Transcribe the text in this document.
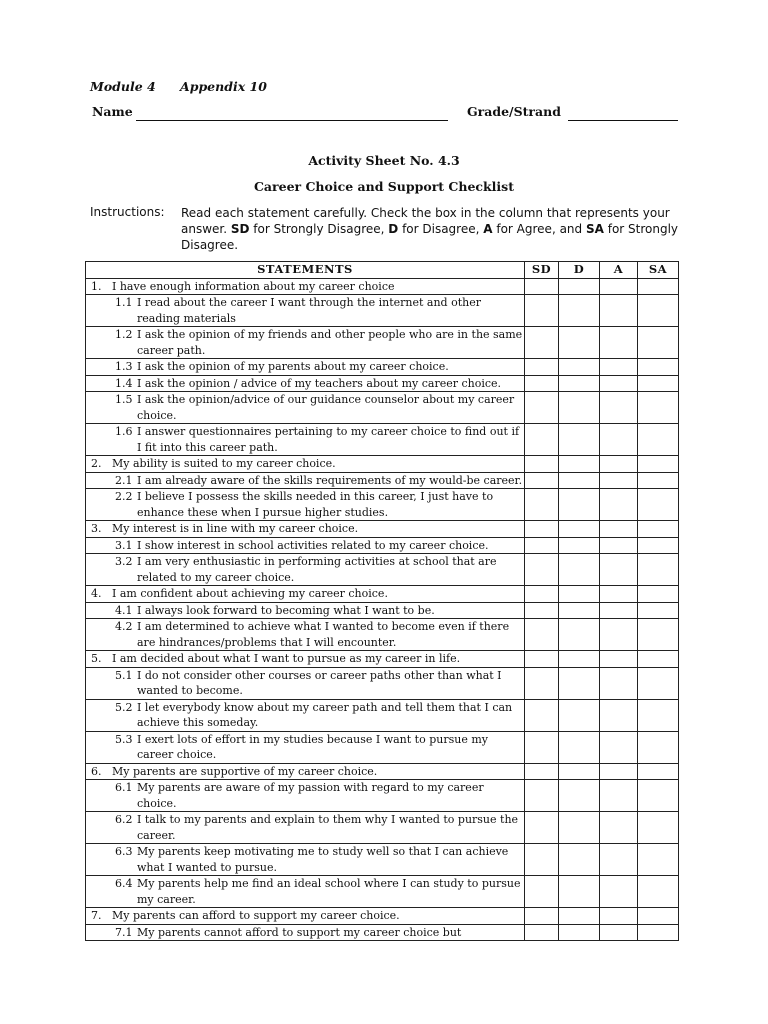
Module 4 Appendix 10
Name	Grade/Strand
Activity Sheet No. 4.3
Career Choice and Support Checklist
Instructions: Read each statement carefully. Check the box in the column that represents your answer. SD for Strongly Disagree, D for Disagree, A for Agree, and SA for Strongly Disagree.
STATEMENTS	SD	D	A	SA

1. I have enough information about my career choice				

1.1 I read about the career I want through the internet and other reading materials				

1.2 I ask the opinion of my friends and other people who are in the same career path.				

1.3 I ask the opinion of my parents about my career choice.				

1.4 I ask the opinion / advice of my teachers about my career choice.				

1.5 I ask the opinion/advice of our guidance counselor about my career choice.				

1.6 I answer questionnaires pertaining to my career choice to find out if I fit into this career path.				

2. My ability is suited to my career choice.				

2.1 I am already aware of the skills requirements of my would-be career.				

2.2 I believe I possess the skills needed in this career, I just have to enhance these when I pursue higher studies.				

3. My interest is in line with my career choice.				

3.1 I show interest in school activities related to my career choice.				

3.2 I am very enthusiastic in performing activities at school that are related to my career choice.				

4. I am confident about achieving my career choice.				

4.1 I always look forward to becoming what I want to be.				

4.2 I am determined to achieve what I wanted to become even if there are hindrances/problems that I will encounter.				

5. I am decided about what I want to pursue as my career in life.				

5.1 I do not consider other courses or career paths other than what I wanted to become.				

5.2 I let everybody know about my career path and tell them that I can achieve this someday.				

5.3 I exert lots of effort in my studies because I want to pursue my career choice.				

6. My parents are supportive of my career choice.				

6.1 My parents are aware of my passion with regard to my career choice.				

6.2 I talk to my parents and explain to them why I wanted to pursue the career.				

6.3 My parents keep motivating me to study well so that I can achieve what I wanted to pursue.				

6.4 My parents help me find an ideal school where I can study to pursue my career.				

7. My parents can afford to support my career choice.				

7.1 My parents cannot afford to support my career choice but				
